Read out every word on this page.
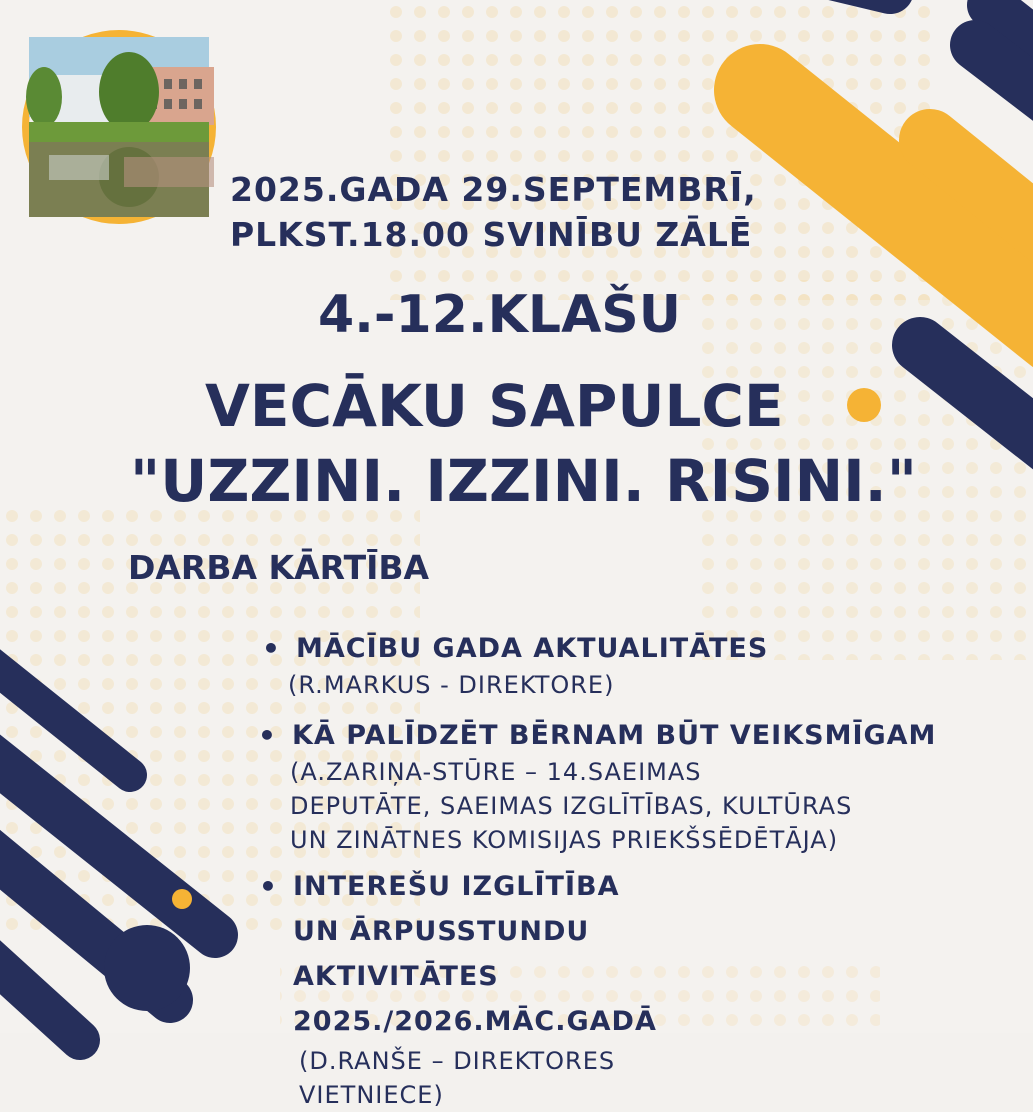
2025.GADA 29.SEPTEMBRĪ,
PLKST.18.00 SVINĪBU ZĀLĒ
4.-12.KLAŠU
VECĀKU SAPULCE
"UZZINI. IZZINI. RISINI."
DARBA KĀRTĪBA
• MĀCĪBU GADA AKTUALITĀTES
(R.MARKUS - DIREKTORE)
• KĀ PALĪDZĒT BĒRNAM BŪT VEIKSMĪGAM
(A.ZARIŅA-STŪRE – 14.SAEIMAS
DEPUTĀTE, SAEIMAS IZGLĪTĪBAS, KULTŪRAS
UN ZINĀTNES KOMISIJAS PRIEKŠSĒDĒTĀJA)
• INTEREŠU IZGLĪTĪBA UN ĀRPUSSTUNDU
AKTIVITĀTES 2025./2026.MĀC.GADĀ
(D.RANŠE – DIREKTORES VIETNIECE)
